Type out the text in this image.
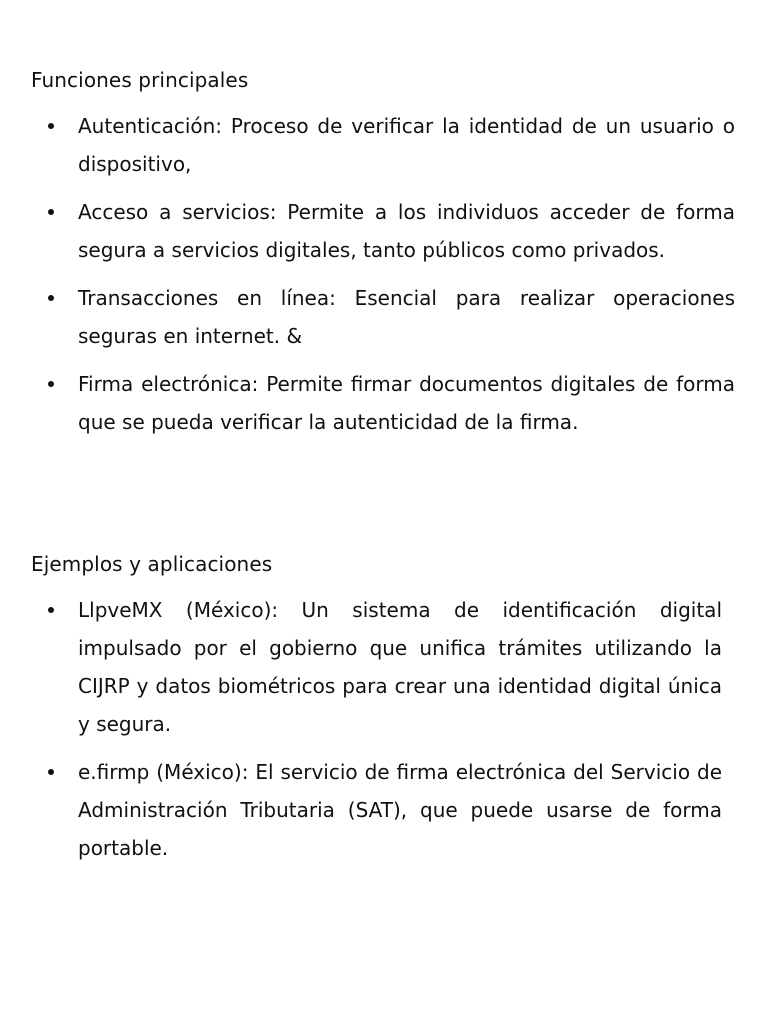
Funciones principales
Autenticación: Proceso de verificar la identidad de un usuario o dispositivo,
Acceso a servicios: Permite a los individuos acceder de forma segura a servicios digitales, tanto públicos como privados.
Transacciones en línea: Esencial para realizar operaciones seguras en internet. &
Firma electrónica: Permite firmar documentos digitales de forma que se pueda verificar la autenticidad de la firma.
Ejemplos y aplicaciones
LlpveMX (México): Un sistema de identificación digital impulsado por el gobierno que unifica trámites utilizando la CIJRP y datos biométricos para crear una identidad digital única y segura.
e.firmp (México): El servicio de firma electrónica del Servicio de Administración Tributaria (SAT), que puede usarse de forma portable.
